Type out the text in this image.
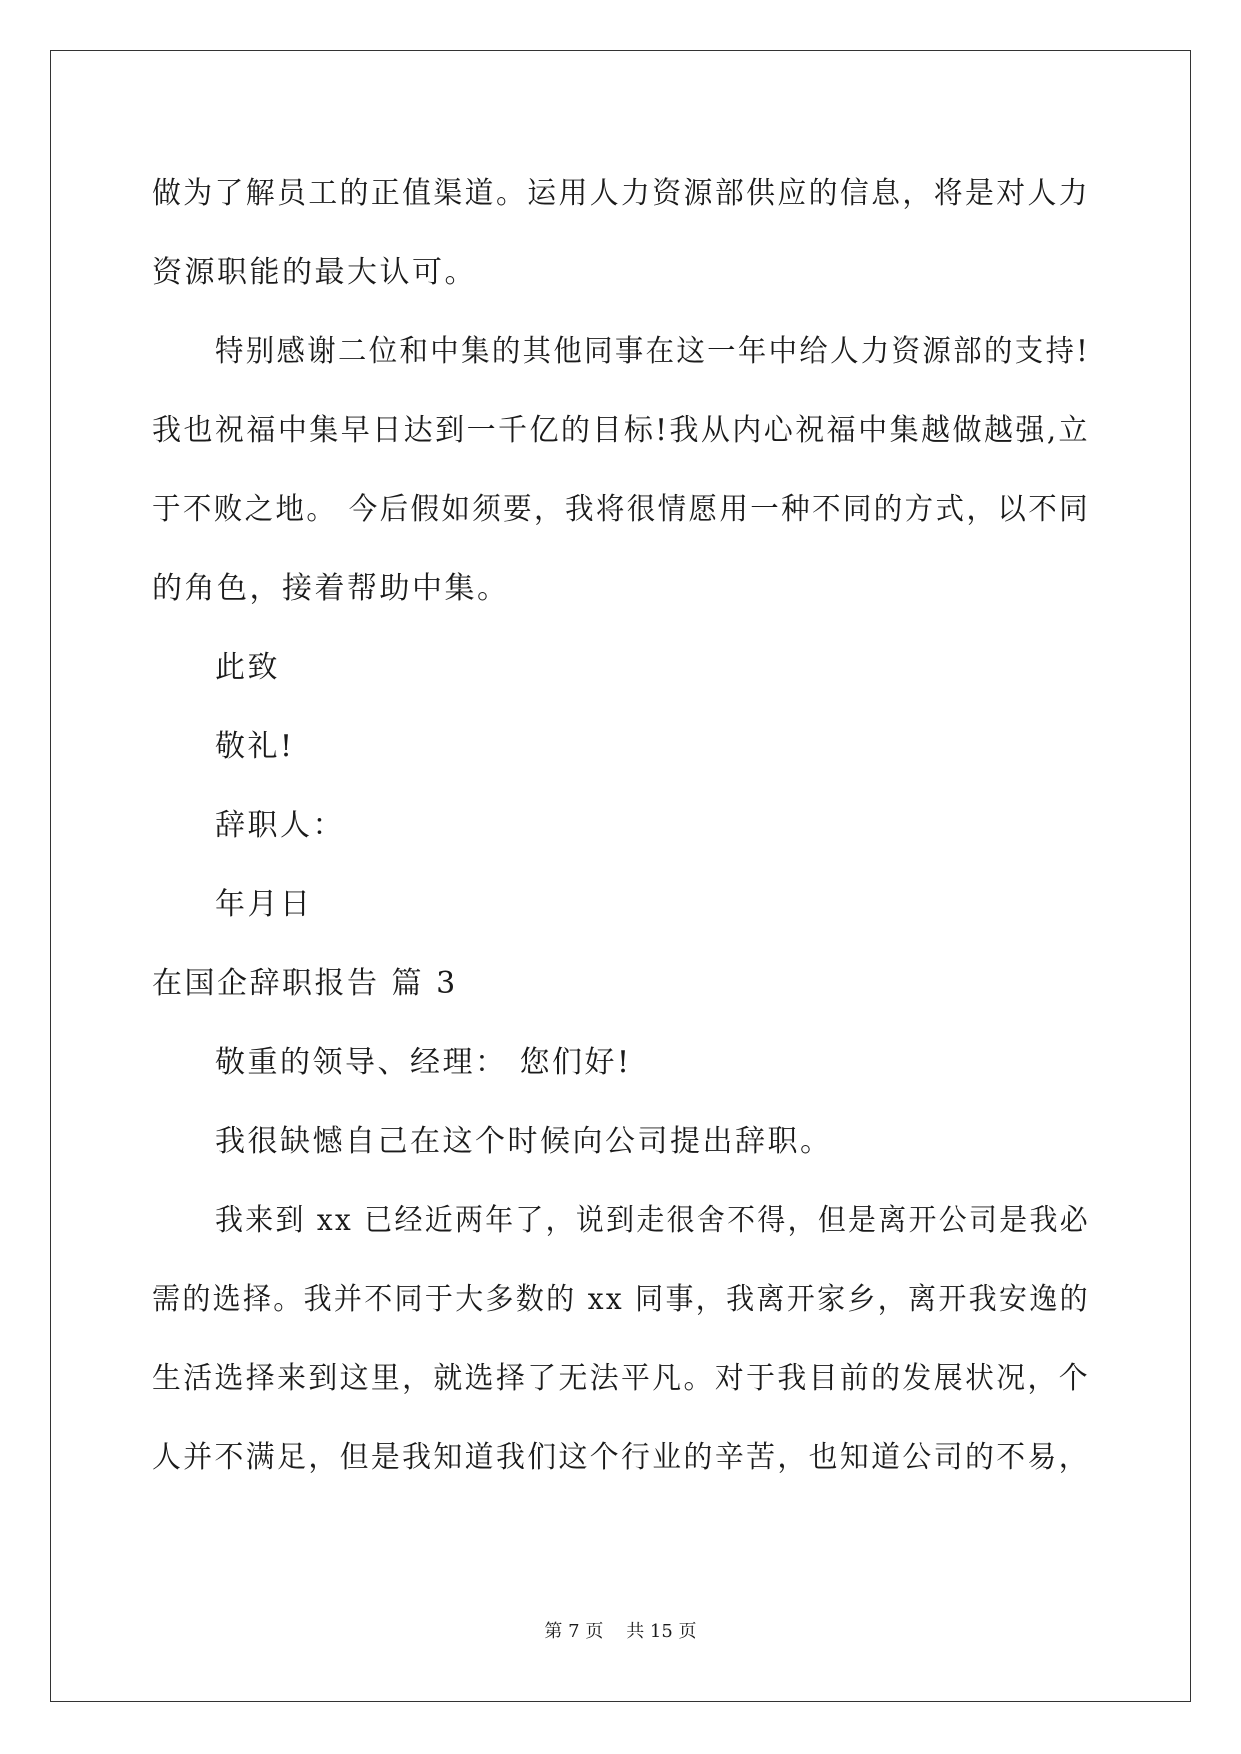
做为了解员工的正值渠道。运用人力资源部供应的信息，将是对人力
资源职能的最大认可。
特别感谢二位和中集的其他同事在这一年中给人力资源部的支持!
我也祝福中集早日达到一千亿的目标!我从内心祝福中集越做越强,立
于不败之地。 今后假如须要，我将很情愿用一种不同的方式，以不同
的角色，接着帮助中集。
此致
敬礼!
辞职人：
年月日
在国企辞职报告 篇 3
敬重的领导、经理： 您们好!
我很缺憾自己在这个时候向公司提出辞职。
我来到 xx 已经近两年了，说到走很舍不得，但是离开公司是我必
需的选择。我并不同于大多数的 xx 同事，我离开家乡，离开我安逸的
生活选择来到这里，就选择了无法平凡。对于我目前的发展状况，个
人并不满足，但是我知道我们这个行业的辛苦，也知道公司的不易，
第 7 页    共 15 页
